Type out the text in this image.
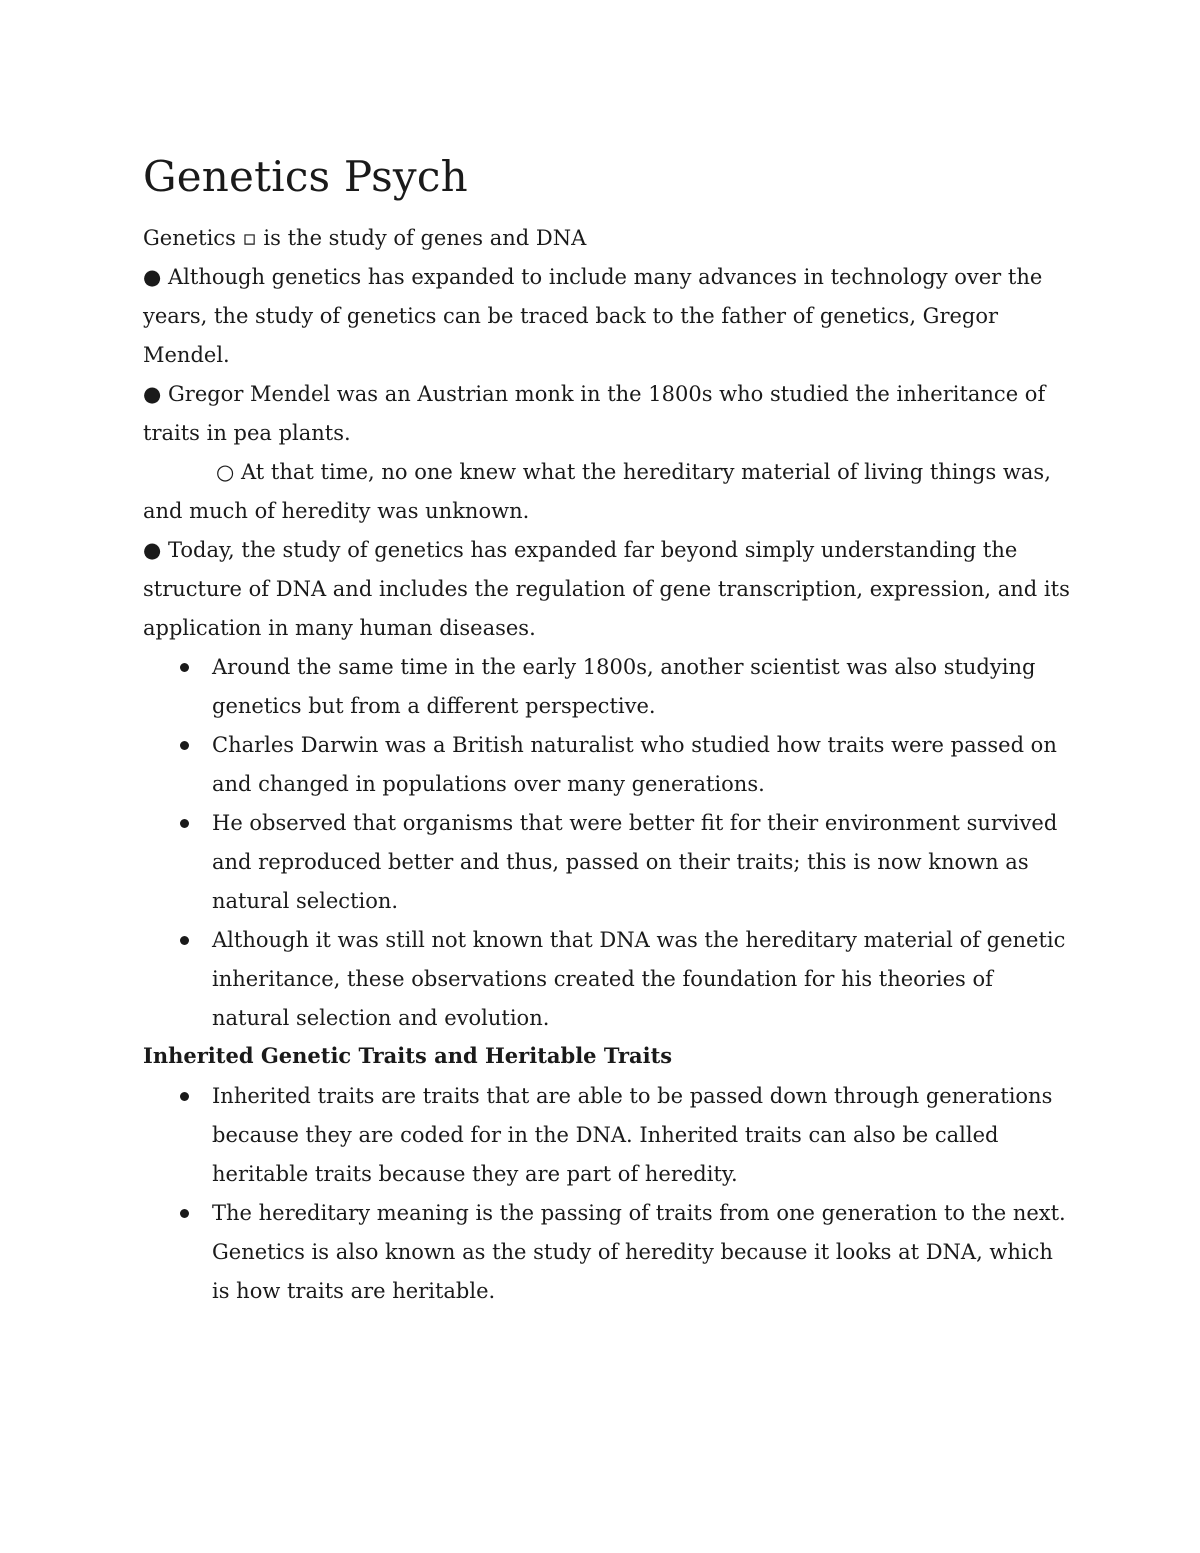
Genetics Psych

Genetics ▫ is the study of genes and DNA

● Although genetics has expanded to include many advances in technology over the years, the study of genetics can be traced back to the father of genetics, Gregor Mendel.

● Gregor Mendel was an Austrian monk in the 1800s who studied the inheritance of traits in pea plants.

○ At that time, no one knew what the hereditary material of living things was, and much of heredity was unknown.

● Today, the study of genetics has expanded far beyond simply understanding the structure of DNA and includes the regulation of gene transcription, expression, and its application in many human diseases.

Around the same time in the early 1800s, another scientist was also studying genetics but from a different perspective.
Charles Darwin was a British naturalist who studied how traits were passed on and changed in populations over many generations.
He observed that organisms that were better fit for their environment survived and reproduced better and thus, passed on their traits; this is now known as natural selection.
Although it was still not known that DNA was the hereditary material of genetic inheritance, these observations created the foundation for his theories of natural selection and evolution.
Inherited Genetic Traits and Heritable Traits
Inherited traits are traits that are able to be passed down through generations because they are coded for in the DNA. Inherited traits can also be called heritable traits because they are part of heredity.
The hereditary meaning is the passing of traits from one generation to the next. Genetics is also known as the study of heredity because it looks at DNA, which is how traits are heritable.
